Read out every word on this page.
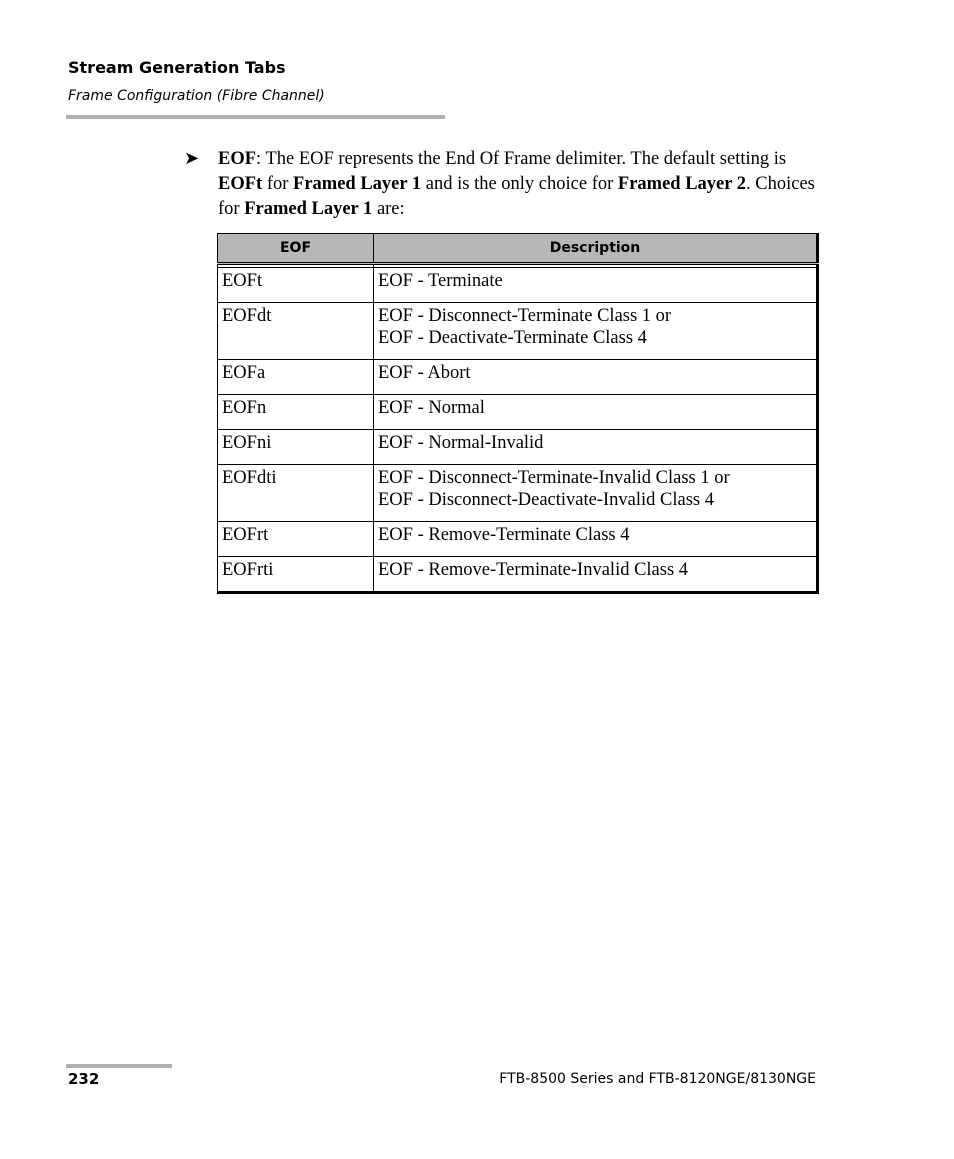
Stream Generation Tabs
Frame Configuration (Fibre Channel)
➤ EOF: The EOF represents the End Of Frame delimiter. The default setting is EOFt for Framed Layer 1 and is the only choice for Framed Layer 2. Choices for Framed Layer 1 are:
EOF	Description

EOFt	EOF - Terminate

EOFdt	EOF - Disconnect-Terminate Class 1 or
EOF - Deactivate-Terminate Class 4

EOFa	EOF - Abort

EOFn	EOF - Normal

EOFni	EOF - Normal-Invalid

EOFdti	EOF - Disconnect-Terminate-Invalid Class 1 or
EOF - Disconnect-Deactivate-Invalid Class 4

EOFrt	EOF - Remove-Terminate Class 4

EOFrti	EOF - Remove-Terminate-Invalid Class 4
232	FTB-8500 Series and FTB-8120NGE/8130NGE
